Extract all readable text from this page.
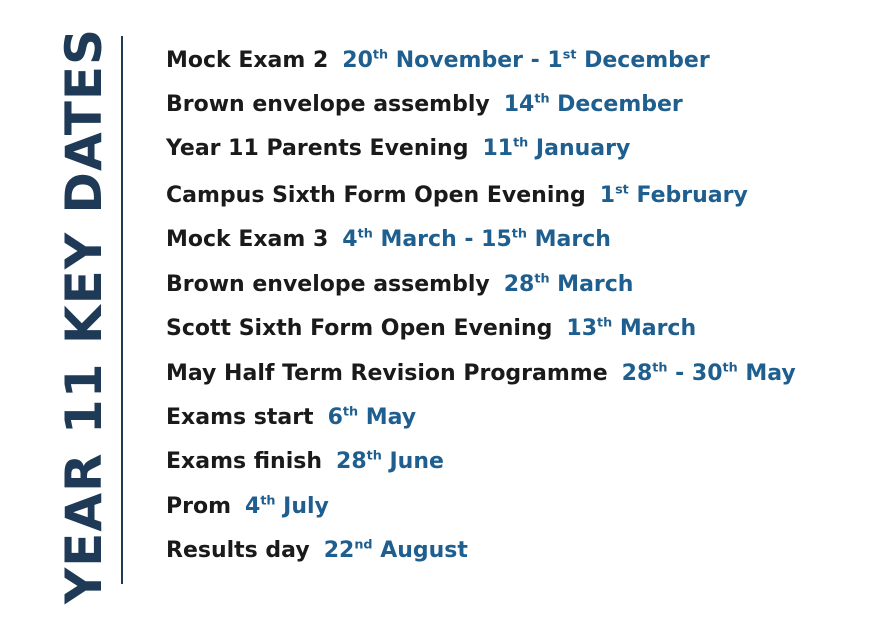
YEAR 11 KEY DATES Mock Exam 2 20th November - 1st December
Brown envelope assembly 14th December
Year 11 Parents Evening 11th January
Campus Sixth Form Open Evening 1st February
Mock Exam 3 4th March - 15th March
Brown envelope assembly 28th March
Scott Sixth Form Open Evening 13th March
May Half Term Revision Programme 28th - 30th May
Exams start 6th May
Exams finish 28th June
Prom 4th July
Results day 22nd August
